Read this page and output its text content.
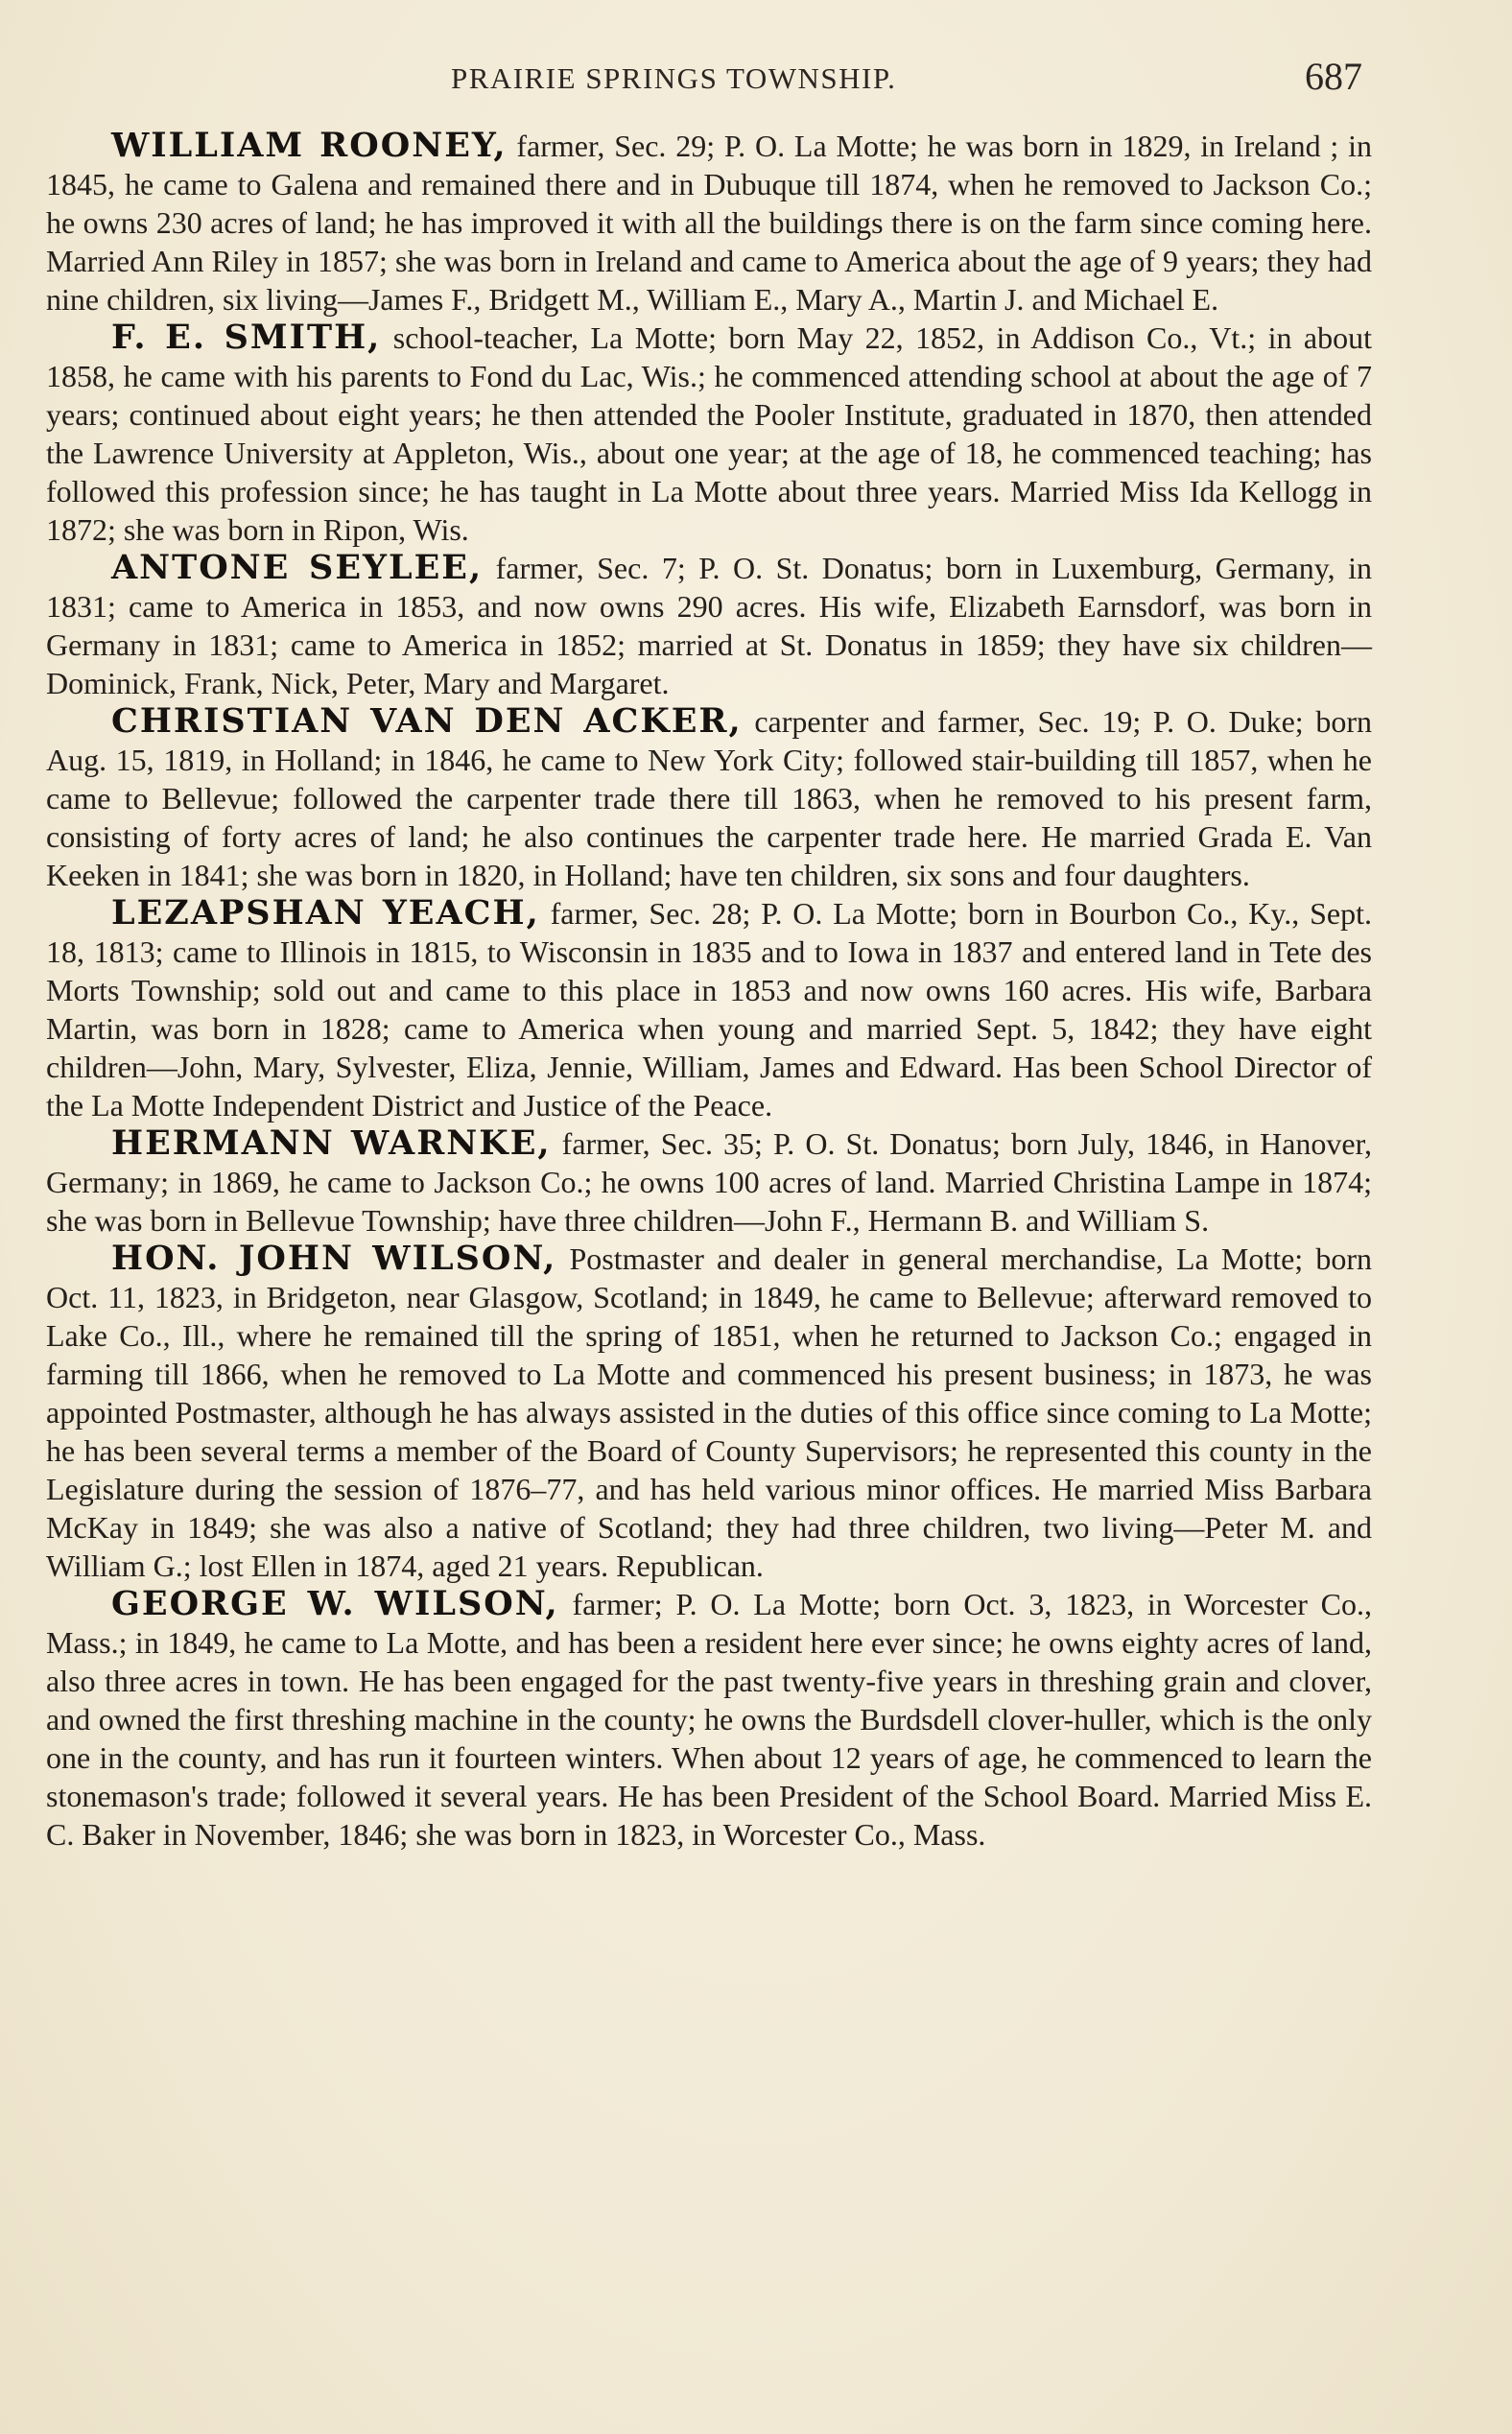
PRAIRIE SPRINGS TOWNSHIP.	687

WILLIAM ROONEY, farmer, Sec. 29; P. O. La Motte; he was born in 1829, in Ireland ; in 1845, he came to Galena and remained there and in Dubuque till 1874, when he removed to Jackson Co.; he owns 230 acres of land; he has improved it with all the buildings there is on the farm since coming here. Married Ann Riley in 1857; she was born in Ireland and came to America about the age of 9 years; they had nine children, six living—James F., Bridgett M., William E., Mary A., Martin J. and Michael E.

F. E. SMITH, school-teacher, La Motte; born May 22, 1852, in Addison Co., Vt.; in about 1858, he came with his parents to Fond du Lac, Wis.; he commenced attending school at about the age of 7 years; continued about eight years; he then attended the Pooler Institute, graduated in 1870, then attended the Lawrence University at Appleton, Wis., about one year; at the age of 18, he commenced teaching; has followed this profession since; he has taught in La Motte about three years. Married Miss Ida Kellogg in 1872; she was born in Ripon, Wis.

ANTONE SEYLEE, farmer, Sec. 7; P. O. St. Donatus; born in Luxemburg, Germany, in 1831; came to America in 1853, and now owns 290 acres. His wife, Elizabeth Earnsdorf, was born in Germany in 1831; came to America in 1852; married at St. Donatus in 1859; they have six children—Dominick, Frank, Nick, Peter, Mary and Margaret.

CHRISTIAN VAN DEN ACKER, carpenter and farmer, Sec. 19; P. O. Duke; born Aug. 15, 1819, in Holland; in 1846, he came to New York City; followed stair-building till 1857, when he came to Bellevue; followed the carpenter trade there till 1863, when he removed to his present farm, consisting of forty acres of land; he also continues the carpenter trade here. He married Grada E. Van Keeken in 1841; she was born in 1820, in Holland; have ten children, six sons and four daughters.

LEZAPSHAN YEACH, farmer, Sec. 28; P. O. La Motte; born in Bourbon Co., Ky., Sept. 18, 1813; came to Illinois in 1815, to Wisconsin in 1835 and to Iowa in 1837 and entered land in Tete des Morts Township; sold out and came to this place in 1853 and now owns 160 acres. His wife, Barbara Martin, was born in 1828; came to America when young and married Sept. 5, 1842; they have eight children—John, Mary, Sylvester, Eliza, Jennie, William, James and Edward. Has been School Director of the La Motte Independent District and Justice of the Peace.

HERMANN WARNKE, farmer, Sec. 35; P. O. St. Donatus; born July, 1846, in Hanover, Germany; in 1869, he came to Jackson Co.; he owns 100 acres of land. Married Christina Lampe in 1874; she was born in Bellevue Township; have three children—John F., Hermann B. and William S.

HON. JOHN WILSON, Postmaster and dealer in general merchandise, La Motte; born Oct. 11, 1823, in Bridgeton, near Glasgow, Scotland; in 1849, he came to Bellevue; afterward removed to Lake Co., Ill., where he remained till the spring of 1851, when he returned to Jackson Co.; engaged in farming till 1866, when he removed to La Motte and commenced his present business; in 1873, he was appointed Postmaster, although he has always assisted in the duties of this office since coming to La Motte; he has been several terms a member of the Board of County Supervisors; he represented this county in the Legislature during the session of 1876–77, and has held various minor offices. He married Miss Barbara McKay in 1849; she was also a native of Scotland; they had three children, two living—Peter M. and William G.; lost Ellen in 1874, aged 21 years. Republican.

GEORGE W. WILSON, farmer; P. O. La Motte; born Oct. 3, 1823, in Worcester Co., Mass.; in 1849, he came to La Motte, and has been a resident here ever since; he owns eighty acres of land, also three acres in town. He has been engaged for the past twenty-five years in threshing grain and clover, and owned the first threshing machine in the county; he owns the Burdsdell clover-huller, which is the only one in the county, and has run it fourteen winters. When about 12 years of age, he commenced to learn the stonemason's trade; followed it several years. He has been President of the School Board. Married Miss E. C. Baker in November, 1846; she was born in 1823, in Worcester Co., Mass.
